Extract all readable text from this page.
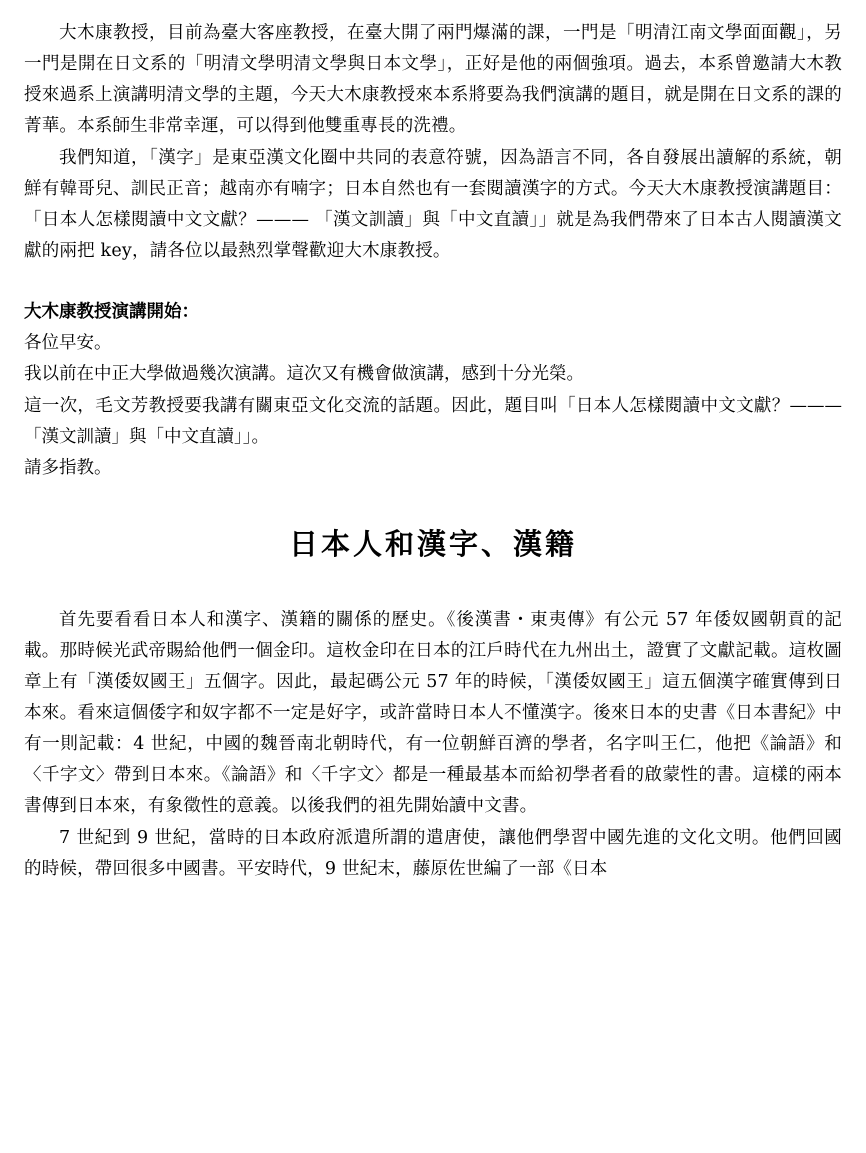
大木康教授，目前為臺大客座教授，在臺大開了兩門爆滿的課，一門是「明清江南文學面面觀」，另一門是開在日文系的「明清文學明清文學與日本文學」，正好是他的兩個強項。過去，本系曾邀請大木教授來過系上演講明清文學的主題，今天大木康教授來本系將要為我們演講的題目，就是開在日文系的課的菁華。本系師生非常幸運，可以得到他雙重專長的洗禮。

我們知道，「漢字」是東亞漢文化圈中共同的表意符號，因為語言不同，各自發展出讀解的系統，朝鮮有韓哥兒、訓民正音；越南亦有喃字；日本自然也有一套閱讀漢字的方式。今天大木康教授演講題目：「日本人怎樣閱讀中文文獻？——— 「漢文訓讀」與「中文直讀」」就是為我們帶來了日本古人閱讀漢文獻的兩把 key，請各位以最熱烈掌聲歡迎大木康教授。

大木康教授演講開始：

各位早安。

我以前在中正大學做過幾次演講。這次又有機會做演講，感到十分光榮。

這一次，毛文芳教授要我講有關東亞文化交流的話題。因此，題目叫「日本人怎樣閱讀中文文獻？———「漢文訓讀」與「中文直讀」」。

請多指教。

日本人和漢字、漢籍

首先要看看日本人和漢字、漢籍的關係的歷史。《後漢書・東夷傳》有公元 57 年倭奴國朝貢的記載。那時候光武帝賜給他們一個金印。這枚金印在日本的江戶時代在九州出土，證實了文獻記載。這枚圖章上有「漢倭奴國王」五個字。因此，最起碼公元 57 年的時候，「漢倭奴國王」這五個漢字確實傳到日本來。看來這個倭字和奴字都不一定是好字，或許當時日本人不懂漢字。後來日本的史書《日本書紀》中有一則記載：4 世紀，中國的魏晉南北朝時代，有一位朝鮮百濟的學者，名字叫王仁，他把《論語》和〈千字文〉帶到日本來。《論語》和〈千字文〉都是一種最基本而給初學者看的啟蒙性的書。這樣的兩本書傳到日本來，有象徵性的意義。以後我們的祖先開始讀中文書。

7 世紀到 9 世紀，當時的日本政府派遣所謂的遣唐使，讓他們學習中國先進的文化文明。他們回國的時候，帶回很多中國書。平安時代，9 世紀末，藤原佐世編了一部《日本
